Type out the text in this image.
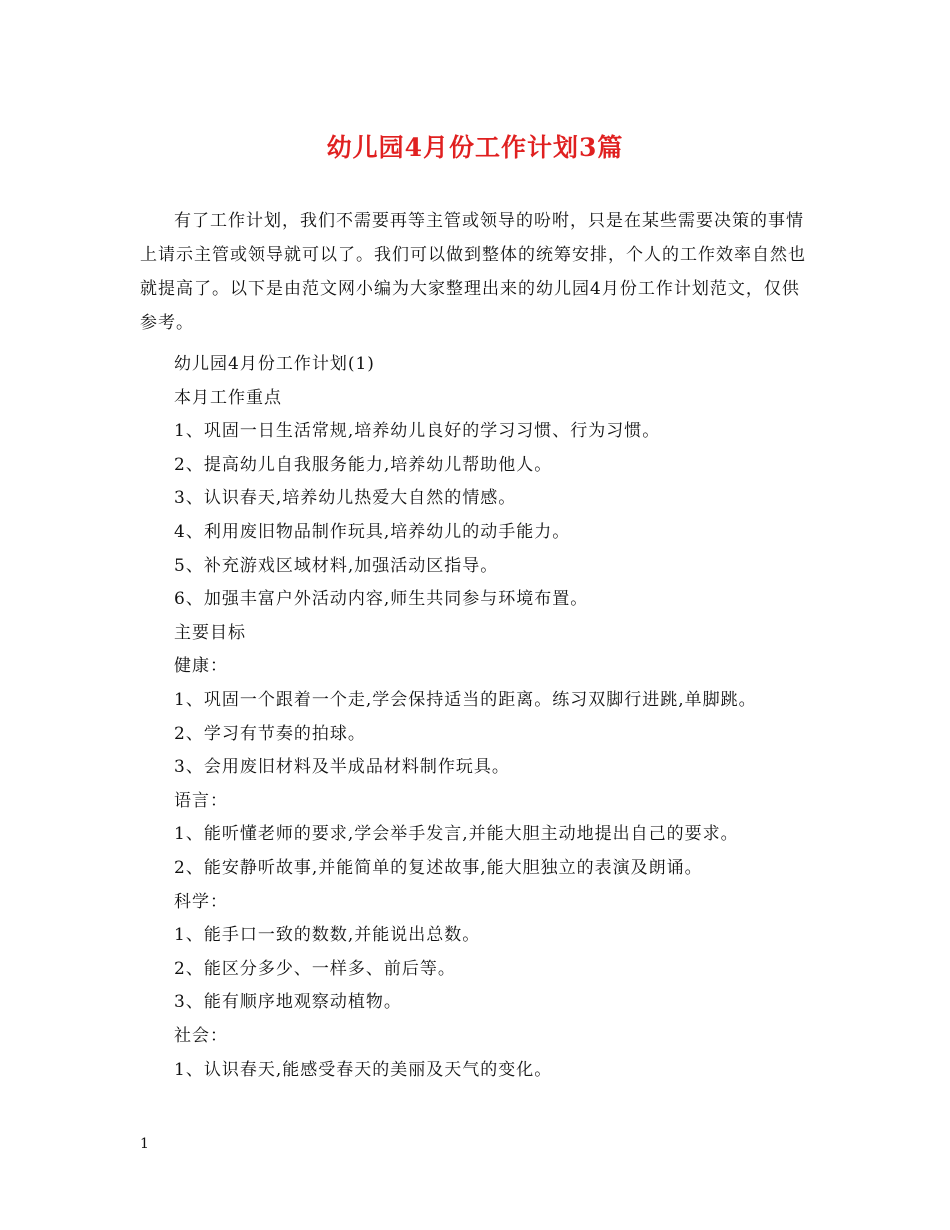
幼儿园4月份工作计划3篇

有了工作计划，我们不需要再等主管或领导的吩咐，只是在某些需要决策的事情上请示主管或领导就可以了。我们可以做到整体的统筹安排，个人的工作效率自然也就提高了。以下是由范文网小编为大家整理出来的幼儿园4月份工作计划范文，仅供参考。

幼儿园4月份工作计划(1)
本月工作重点
1、巩固一日生活常规,培养幼儿良好的学习习惯、行为习惯。
2、提高幼儿自我服务能力,培养幼儿帮助他人。
3、认识春天,培养幼儿热爱大自然的情感。
4、利用废旧物品制作玩具,培养幼儿的动手能力。
5、补充游戏区域材料,加强活动区指导。
6、加强丰富户外活动内容,师生共同参与环境布置。
主要目标
健康：
1、巩固一个跟着一个走,学会保持适当的距离。练习双脚行进跳,单脚跳。
2、学习有节奏的拍球。
3、会用废旧材料及半成品材料制作玩具。
语言：
1、能听懂老师的要求,学会举手发言,并能大胆主动地提出自己的要求。
2、能安静听故事,并能简单的复述故事,能大胆独立的表演及朗诵。
科学：
1、能手口一致的数数,并能说出总数。
2、能区分多少、一样多、前后等。
3、能有顺序地观察动植物。
社会：
1、认识春天,能感受春天的美丽及天气的变化。
1
